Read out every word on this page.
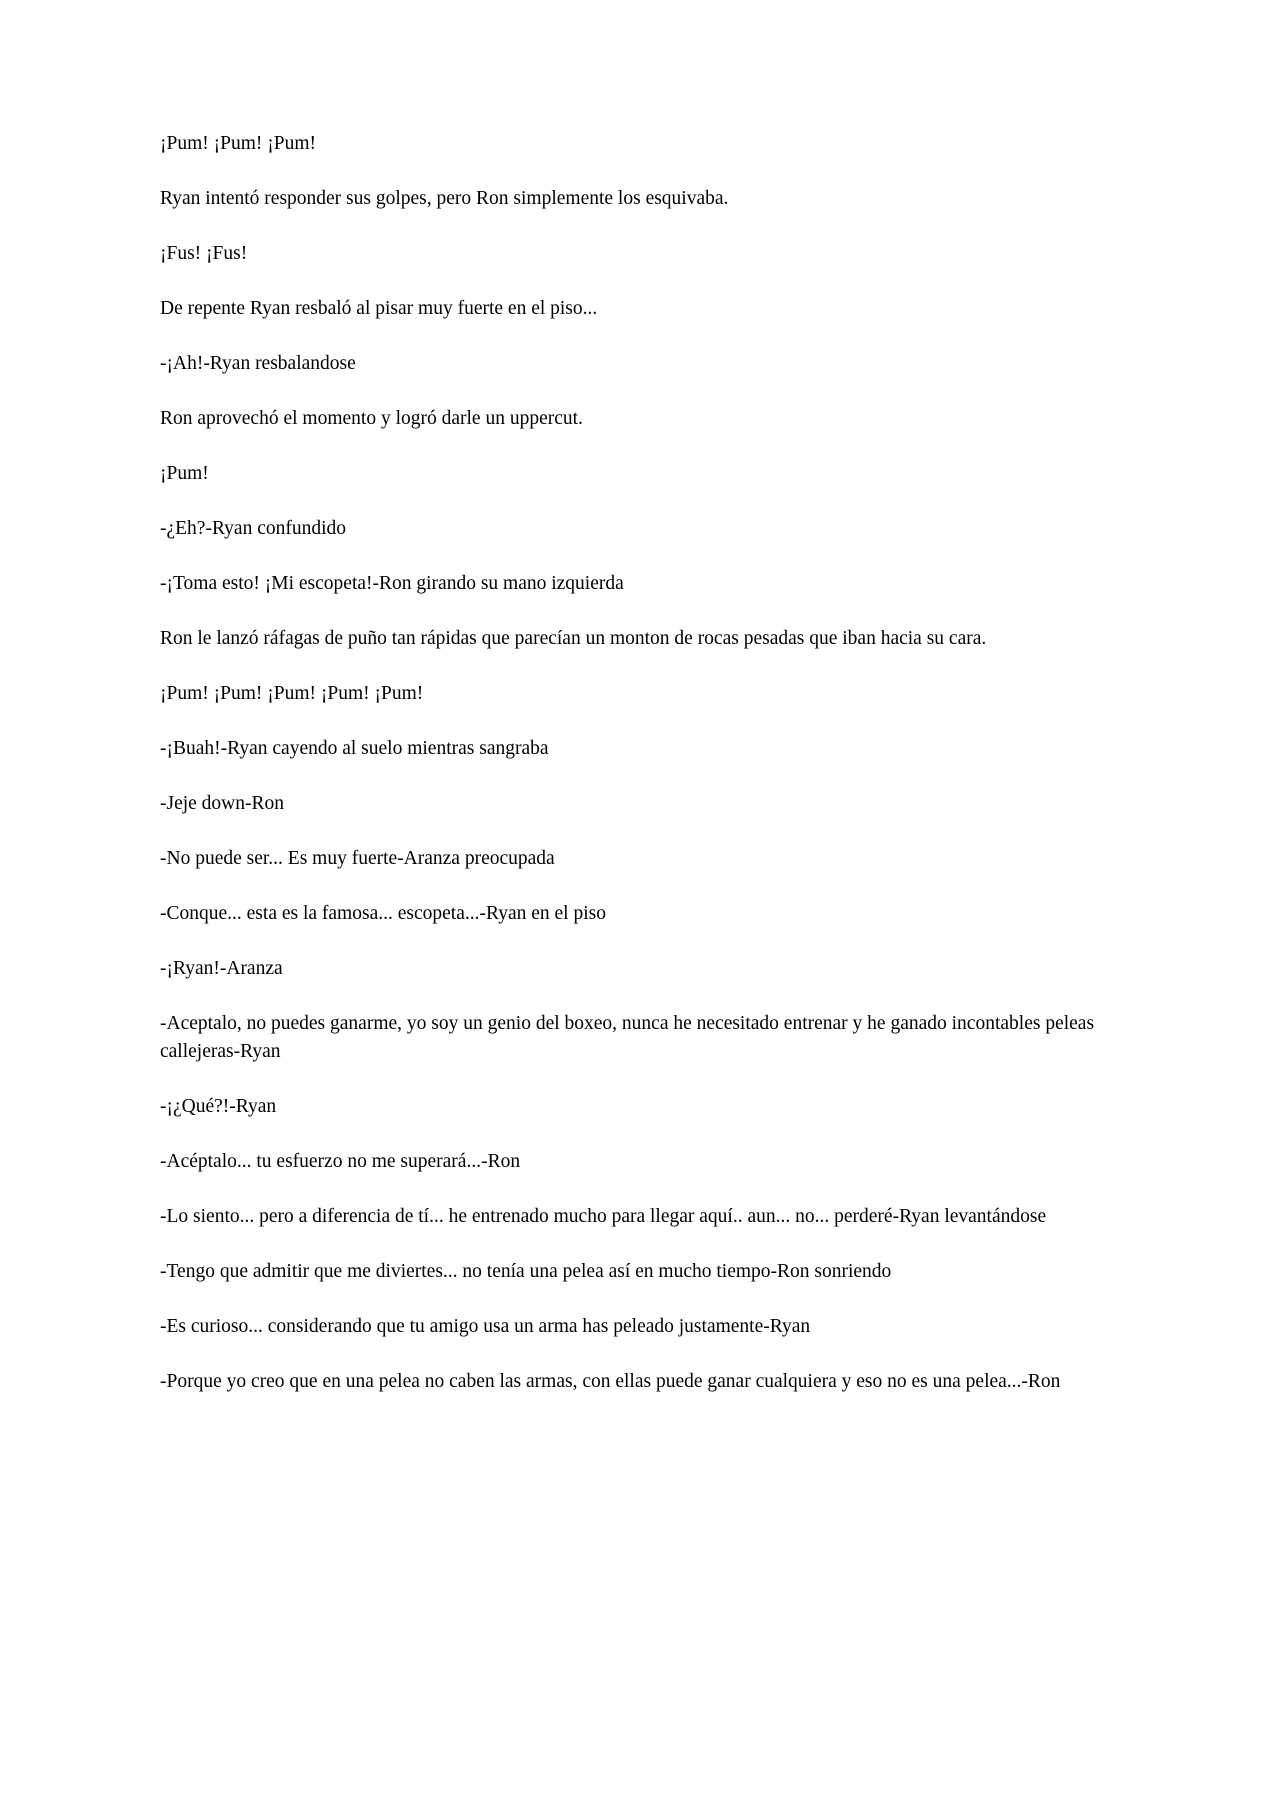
¡Pum! ¡Pum! ¡Pum!

Ryan intentó responder sus golpes, pero Ron simplemente los esquivaba.

¡Fus! ¡Fus!

De repente Ryan resbaló al pisar muy fuerte en el piso...

-¡Ah!-Ryan resbalandose

Ron aprovechó el momento y logró darle un uppercut.

¡Pum!

-¿Eh?-Ryan confundido

-¡Toma esto! ¡Mi escopeta!-Ron girando su mano izquierda

Ron le lanzó ráfagas de puño tan rápidas que parecían un monton de rocas pesadas que iban hacia su cara.

¡Pum! ¡Pum! ¡Pum! ¡Pum! ¡Pum!

-¡Buah!-Ryan cayendo al suelo mientras sangraba

-Jeje down-Ron

-No puede ser... Es muy fuerte-Aranza preocupada

-Conque... esta es la famosa... escopeta...-Ryan en el piso

-¡Ryan!-Aranza

-Aceptalo, no puedes ganarme, yo soy un genio del boxeo, nunca he necesitado entrenar y he ganado incontables peleas callejeras-Ryan

-¡¿Qué?!-Ryan

-Acéptalo... tu esfuerzo no me superará...-Ron

-Lo siento... pero a diferencia de tí... he entrenado mucho para llegar aquí.. aun... no... perderé-Ryan levantándose

-Tengo que admitir que me diviertes... no tenía una pelea así en mucho tiempo-Ron sonriendo

-Es curioso... considerando que tu amigo usa un arma has peleado justamente-Ryan

-Porque yo creo que en una pelea no caben las armas, con ellas puede ganar cualquiera y eso no es una pelea...-Ron
